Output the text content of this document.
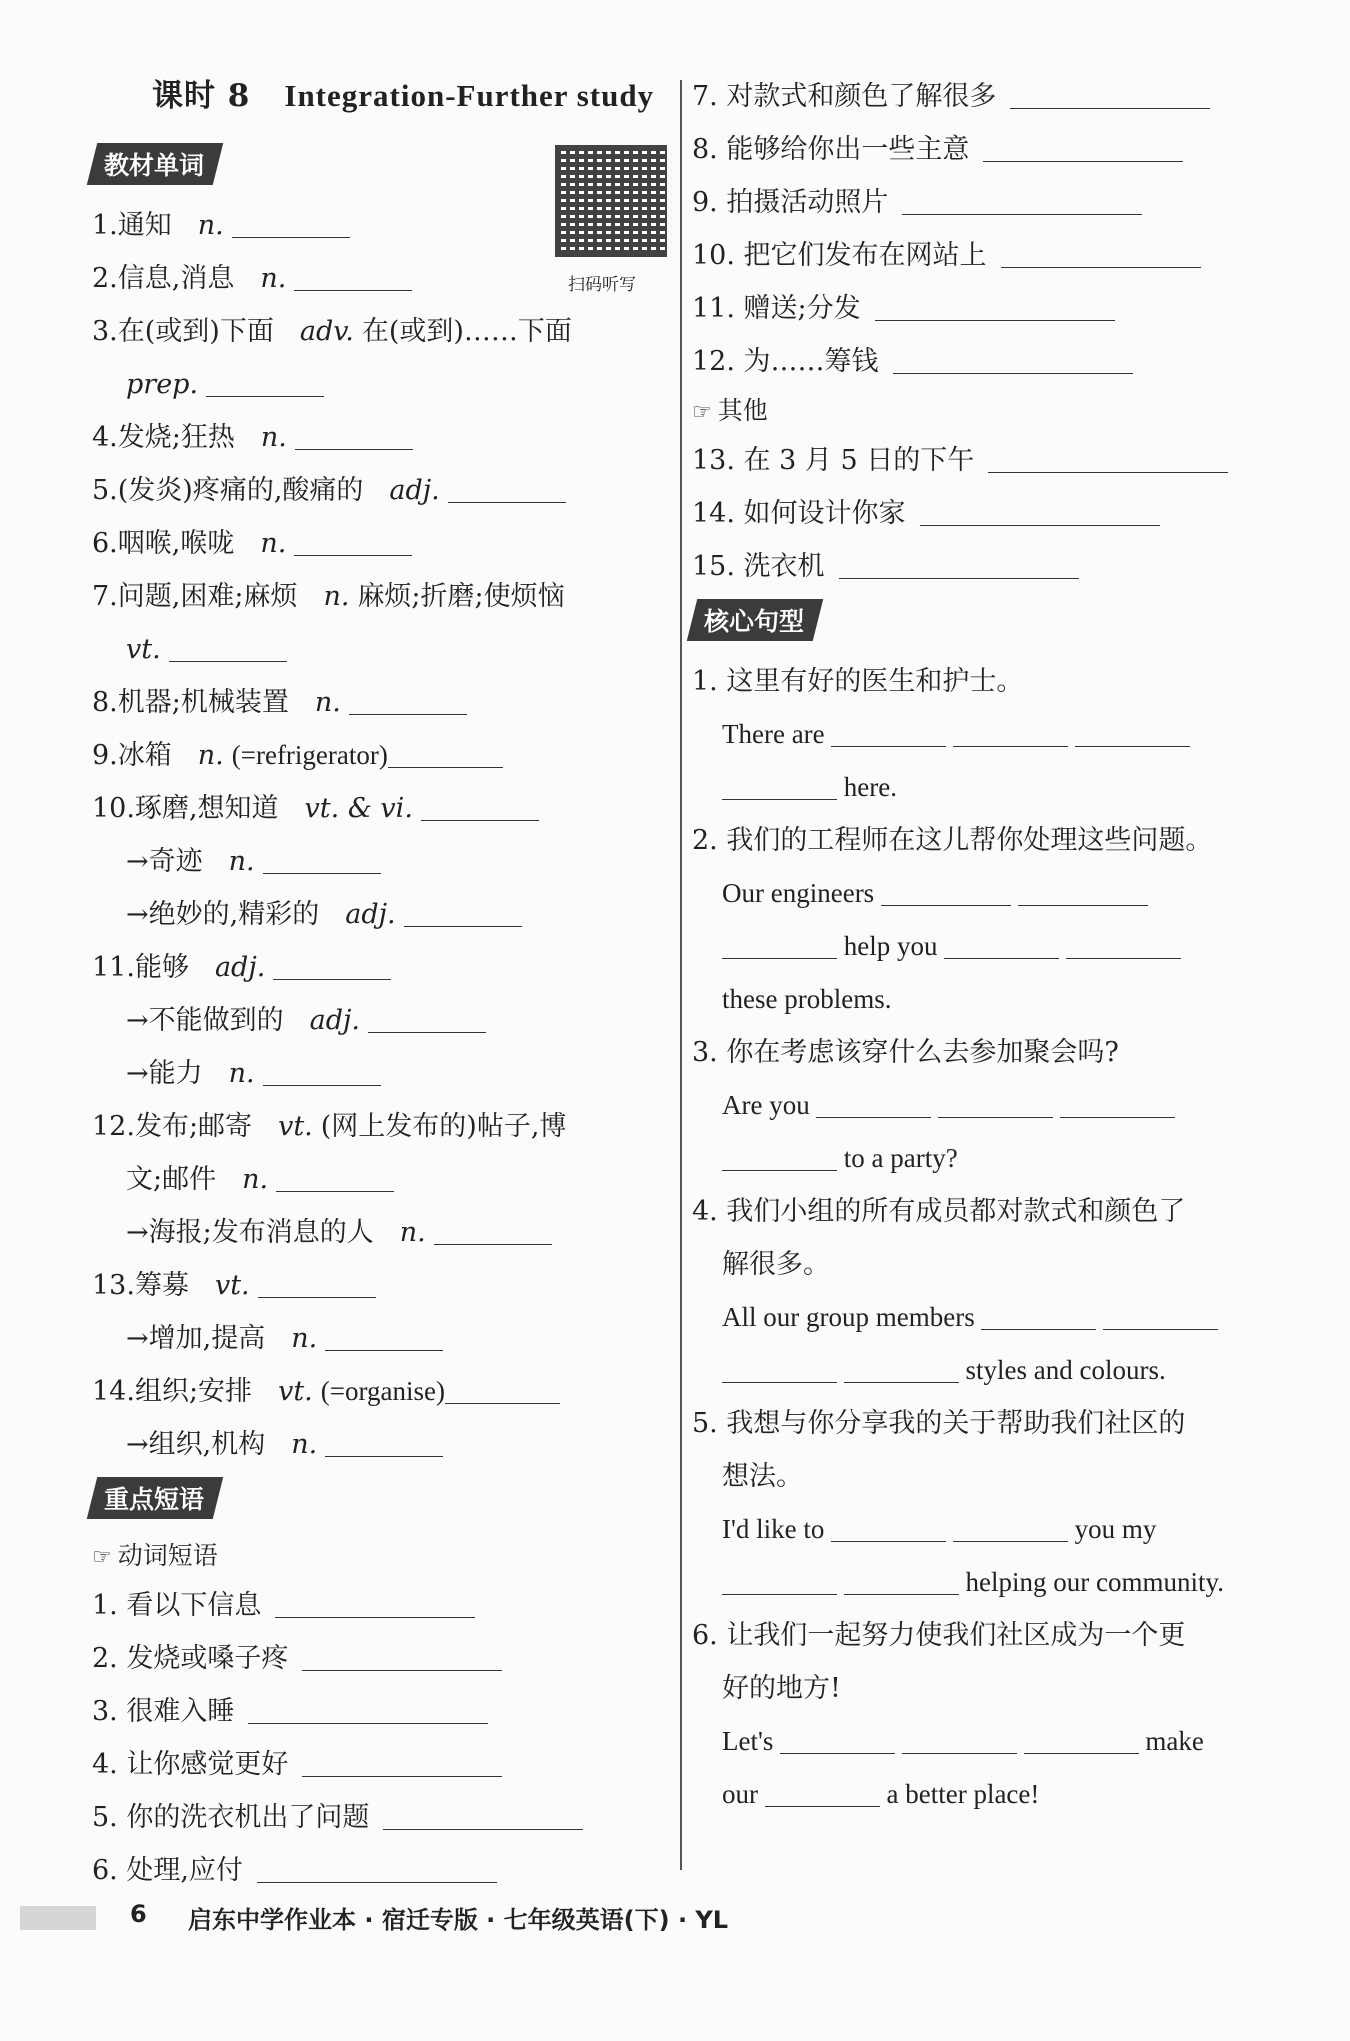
扫码听写
课时 8 Integration-Further study
教材单词
1.通知 n.
2.信息,消息 n.
3.在(或到)下面 adv. 在(或到)……下面
prep.
4.发烧;狂热 n.
5.(发炎)疼痛的,酸痛的 adj.
6.咽喉,喉咙 n.
7.问题,困难;麻烦 n. 麻烦;折磨;使烦恼
vt.
8.机器;机械装置 n.
9.冰箱 n. (=refrigerator)
10.琢磨,想知道 vt. & vi.
→奇迹 n.
→绝妙的,精彩的 adj.
11.能够 adj.
→不能做到的 adj.
→能力 n.
12.发布;邮寄 vt. (网上发布的)帖子,博
文;邮件 n.
→海报;发布消息的人 n.
13.筹募 vt.
→增加,提高 n.
14.组织;安排 vt. (=organise)
→组织,机构 n.
重点短语
☞ 动词短语
1. 看以下信息
2. 发烧或嗓子疼
3. 很难入睡
4. 让你感觉更好
5. 你的洗衣机出了问题
6. 处理,应付
7. 对款式和颜色了解很多
8. 能够给你出一些主意
9. 拍摄活动照片
10. 把它们发布在网站上
11. 赠送;分发
12. 为……筹钱
☞ 其他
13. 在 3 月 5 日的下午
14. 如何设计你家
15. 洗衣机
核心句型
1. 这里有好的医生和护士。
There are
here.
2. 我们的工程师在这儿帮你处理这些问题。
Our engineers
help you
these problems.
3. 你在考虑该穿什么去参加聚会吗?
Are you
to a party?
4. 我们小组的所有成员都对款式和颜色了
解很多。
All our group members
styles and colours.
5. 我想与你分享我的关于帮助我们社区的
想法。
I'd like to	you my
helping our community.
6. 让我们一起努力使我们社区成为一个更
好的地方!
Let's	make
our	a better place!
6 启东中学作业本 · 宿迁专版 · 七年级英语(下) · YL
